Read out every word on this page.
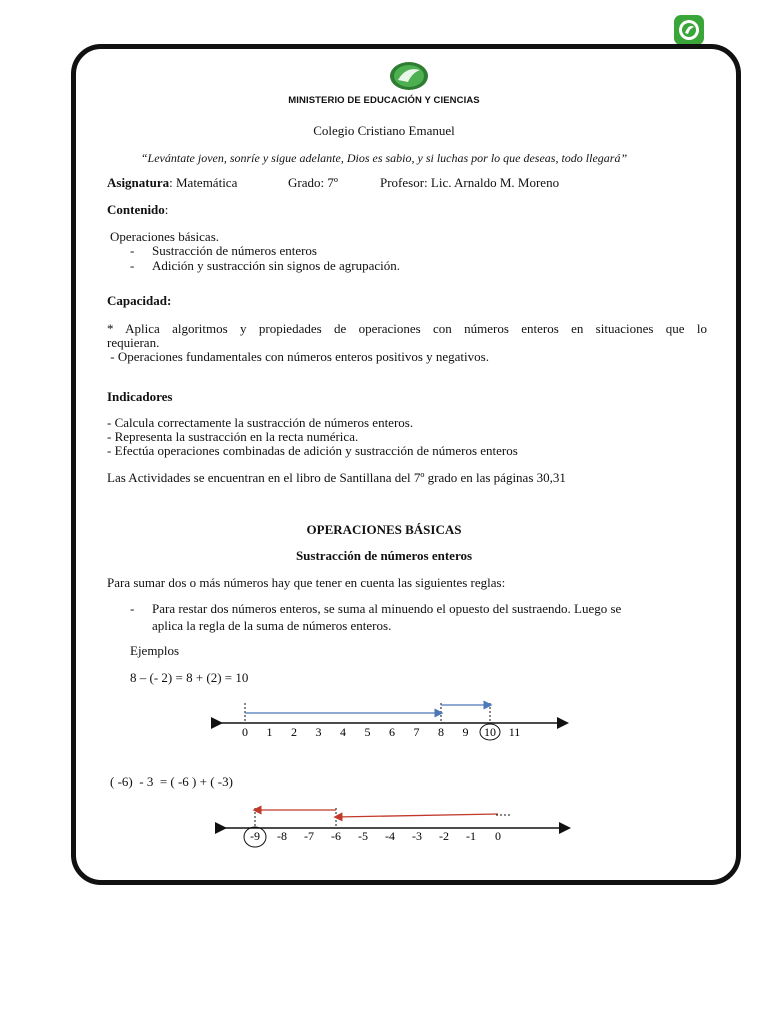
MINISTERIO DE EDUCACIÓN Y CIENCIAS
Colegio Cristiano Emanuel
“Levántate joven, sonríe y sigue adelante, Dios es sabio, y si luchas por lo que deseas, todo llegará”
Asignatura: Matemática	Grado: 7º	Profesor: Lic. Arnaldo M. Moreno
Contenido:
Operaciones básicas.
- Sustracción de números enteros
- Adición y sustracción sin signos de agrupación.
Capacidad:
* Aplica algoritmos y propiedades de operaciones con números enteros en situaciones que lo
requieran.
- Operaciones fundamentales con números enteros positivos y negativos.
Indicadores
- Calcula correctamente la sustracción de números enteros.
- Representa la sustracción en la recta numérica.
- Efectúa operaciones combinadas de adición y sustracción de números enteros
Las Actividades se encuentran en el libro de Santillana del 7º grado en las páginas 30,31
OPERACIONES BÁSICAS
Sustracción de números enteros
Para sumar dos o más números hay que tener en cuenta las siguientes reglas:
- Para restar dos números enteros, se suma al minuendo el opuesto del sustraendo. Luego se
aplica la regla de la suma de números enteros.
Ejemplos
8 – (- 2) = 8 + (2) = 10
0 1 2 3 4 5 6 7 8 9 10 11
( -6)  - 3  = ( -6 ) + ( -3)
-9 -8 -7 -6 -5 -4 -3 -2 -1 0
